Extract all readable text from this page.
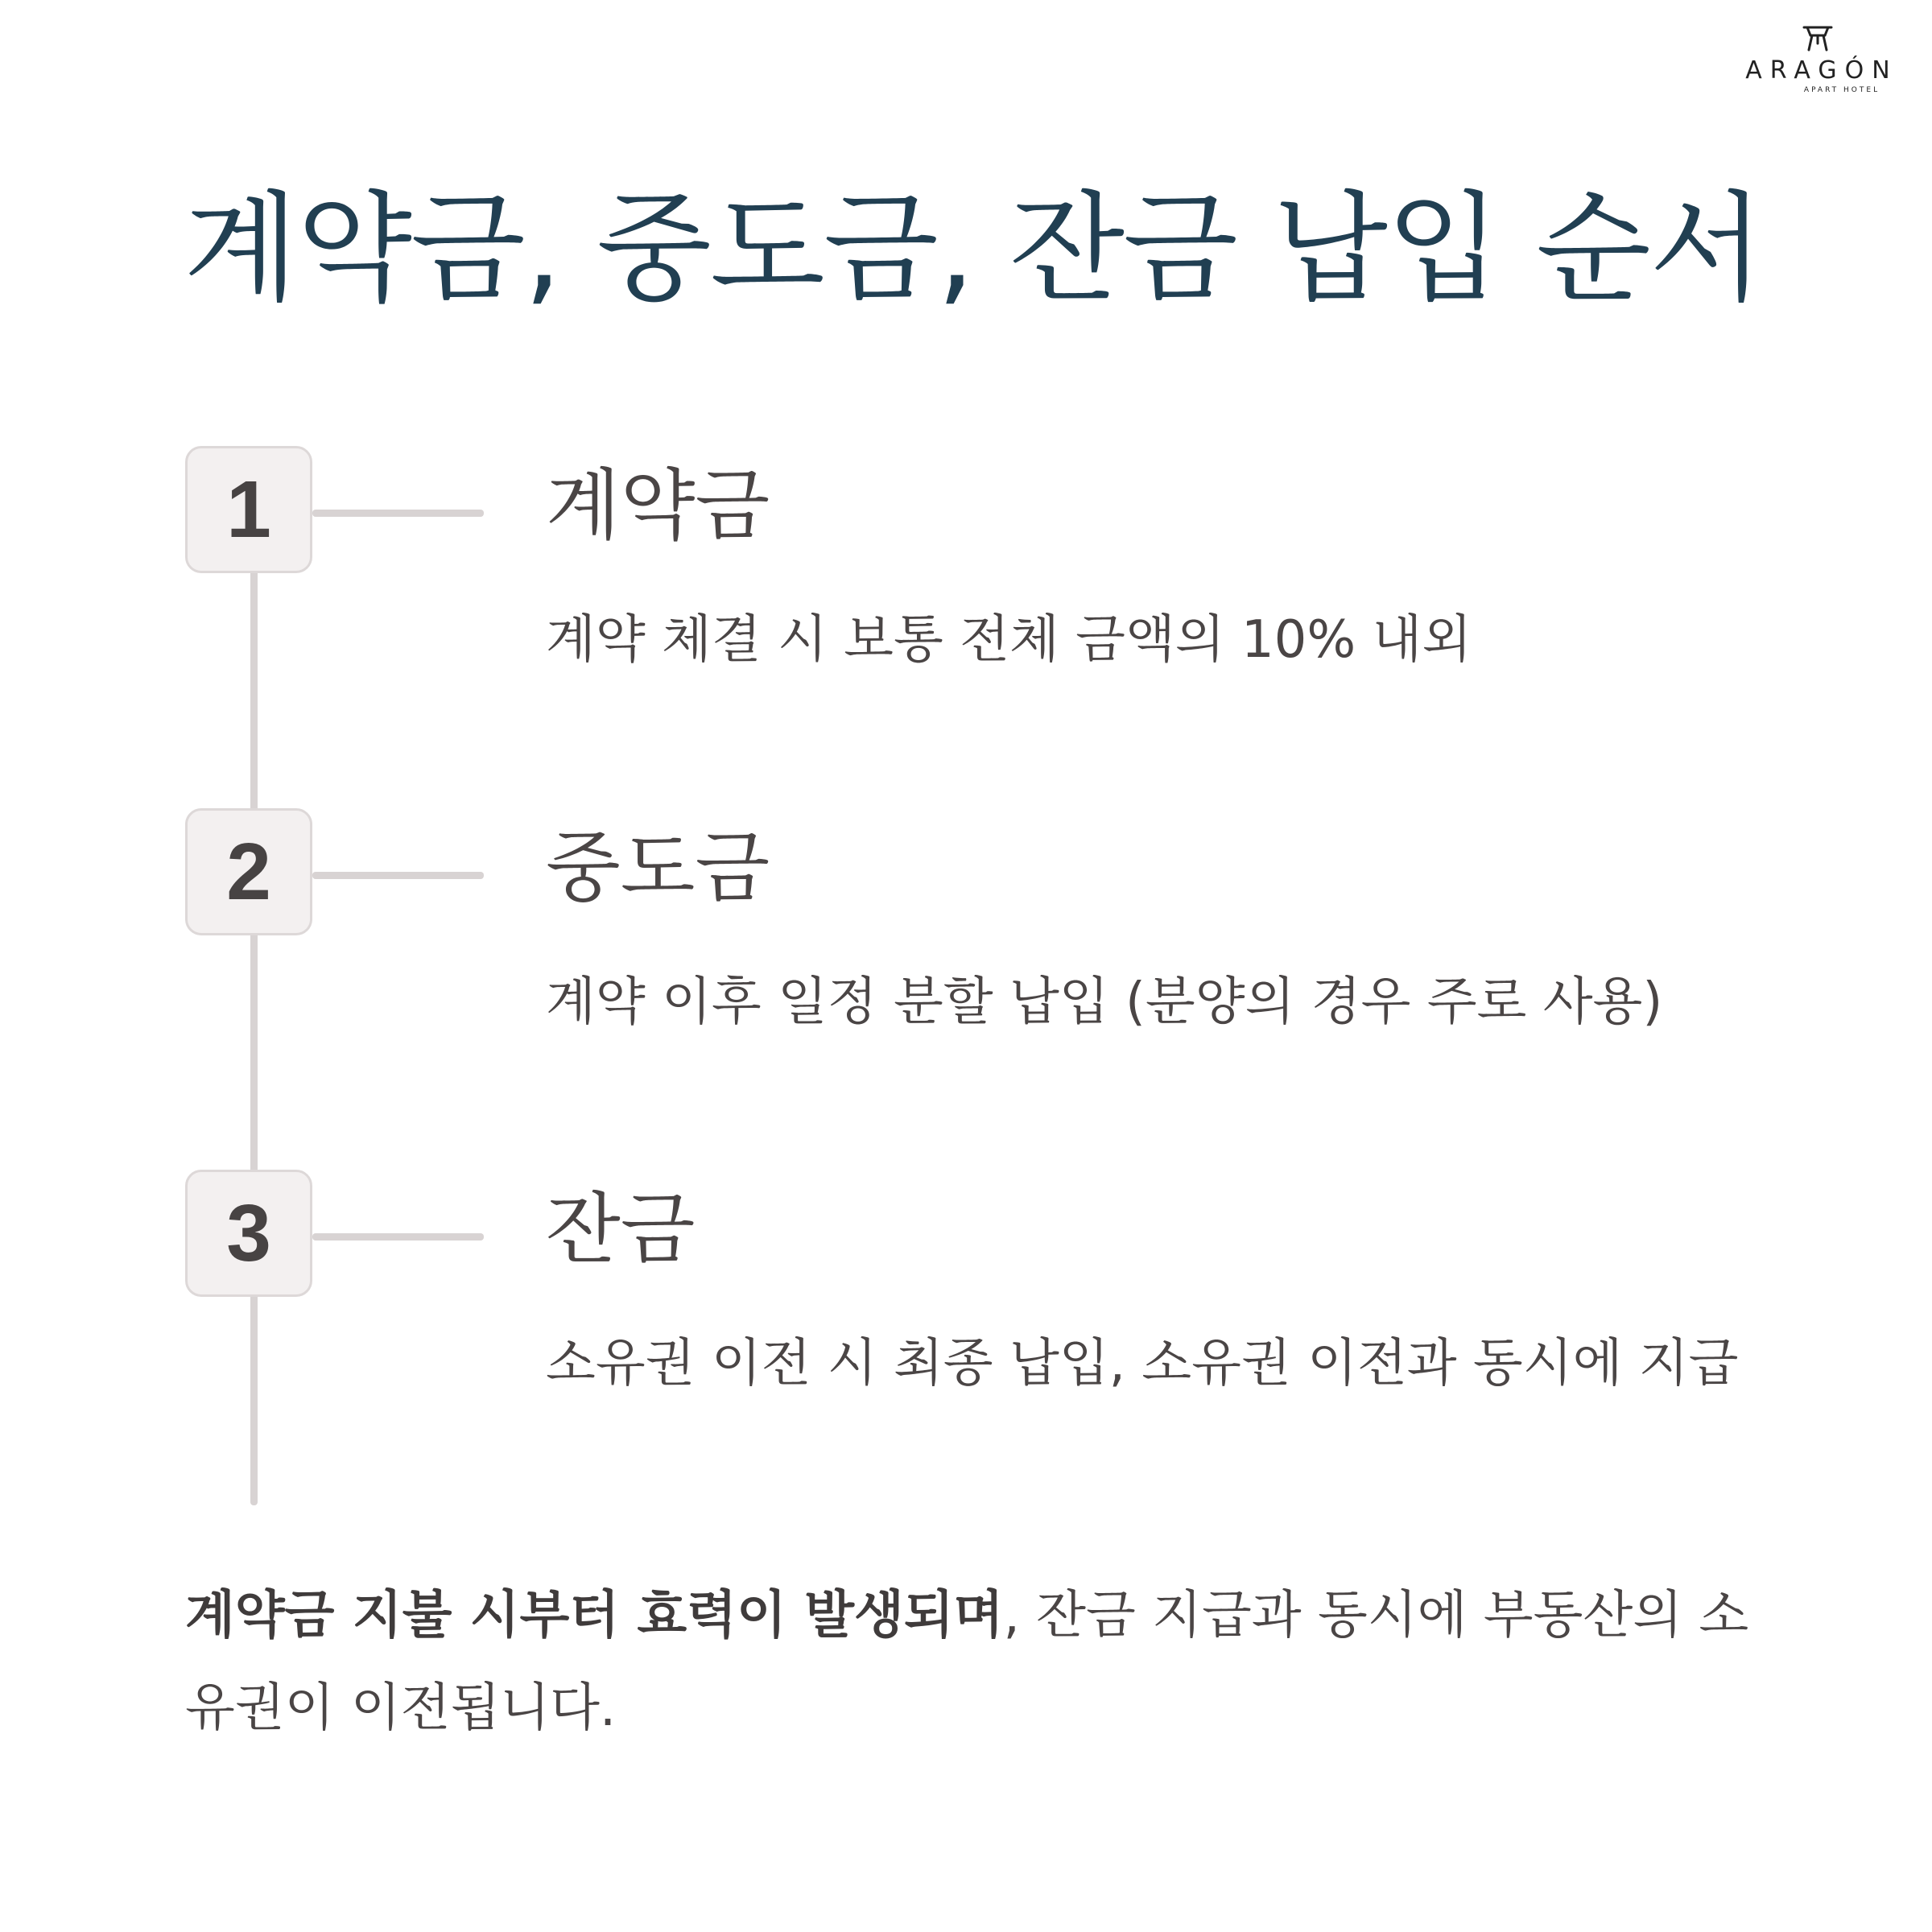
ARAGÓN
APART HOTEL
계약금, 중도금, 잔금 납입 순서
1	계약금

계약 체결 시 보통 전체 금액의 10% 내외

2	중도금

계약 이후 일정 분할 납입 (분양의 경우 주로 사용)

3	잔금

소유권 이전 시 최종 납입, 소유권 이전과 동시에 지급

계약금 지불 시부터 효력이 발생되며, 잔금 지급과 동시에 부동산의 소유권이 이전됩니다.
